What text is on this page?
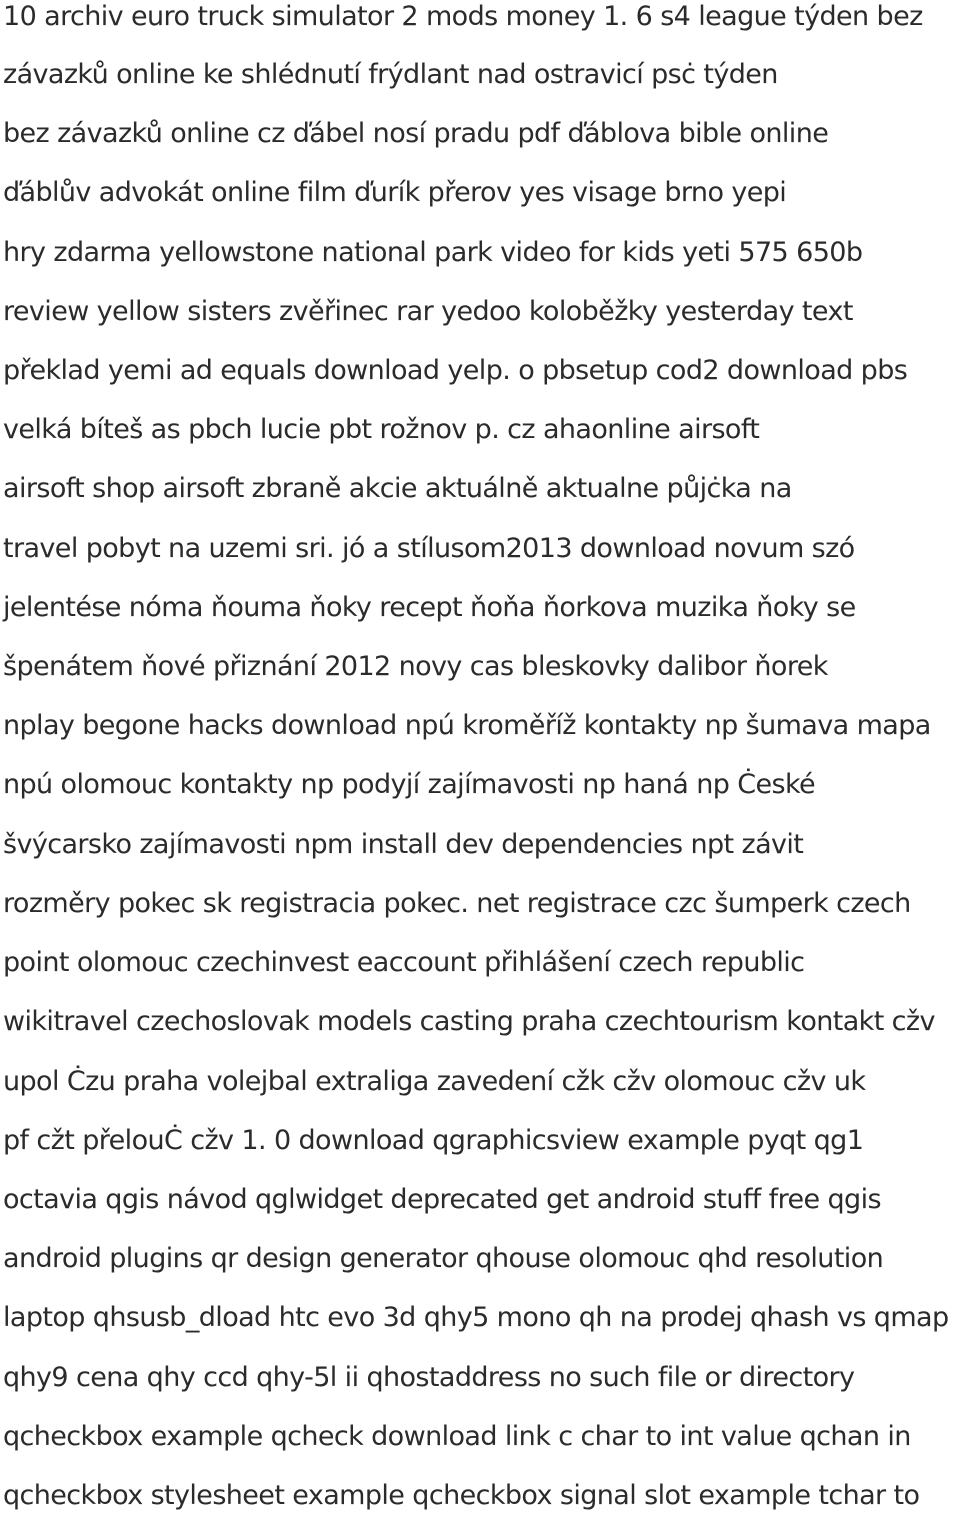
10 archiv euro truck simulator 2 mods money 1. 6 s4 league týden bez
závazků online ke shlédnutí frýdlant nad ostravicí psċ týden
bez závazků online cz ďábel nosí pradu pdf ďáblova bible online
ďáblův advokát online film ďurík přerov yes visage brno yepi
hry zdarma yellowstone national park video for kids yeti 575 650b
review yellow sisters zvěřinec rar yedoo koloběžky yesterday text
překlad yemi ad equals download yelp. o pbsetup cod2 download pbs
velká bíteš as pbch lucie pbt rožnov p. cz ahaonline airsoft
airsoft shop airsoft zbraně akcie aktuálně aktualne půjċka na
travel pobyt na uzemi sri. jó a stílusom2013 download novum szó
jelentése nóma ňouma ňoky recept ňoňa ňorkova muzika ňoky se
špenátem ňové přiznání 2012 novy cas bleskovky dalibor ňorek
nplay begone hacks download npú kroměříž kontakty np šumava mapa
npú olomouc kontakty np podyjí zajímavosti np haná np Ċeské
švýcarsko zajímavosti npm install dev dependencies npt závit
rozměry pokec sk registracia pokec. net registrace czc šumperk czech
point olomouc czechinvest eaccount přihlášení czech republic
wikitravel czechoslovak models casting praha czechtourism kontakt cžv
upol Ċzu praha volejbal extraliga zavedení cžk cžv olomouc cžv uk
pf cžt přelouĊ cžv 1. 0 download qgraphicsview example pyqt qg1
octavia qgis návod qglwidget deprecated get android stuff free qgis
android plugins qr design generator qhouse olomouc qhd resolution
laptop qhsusb_dload htc evo 3d qhy5 mono qh na prodej qhash vs qmap
qhy9 cena qhy ccd qhy-5l ii qhostaddress no such file or directory
qcheckbox example qcheck download link c char to int value qchan in
qcheckbox stylesheet example qcheckbox signal slot example tchar to
